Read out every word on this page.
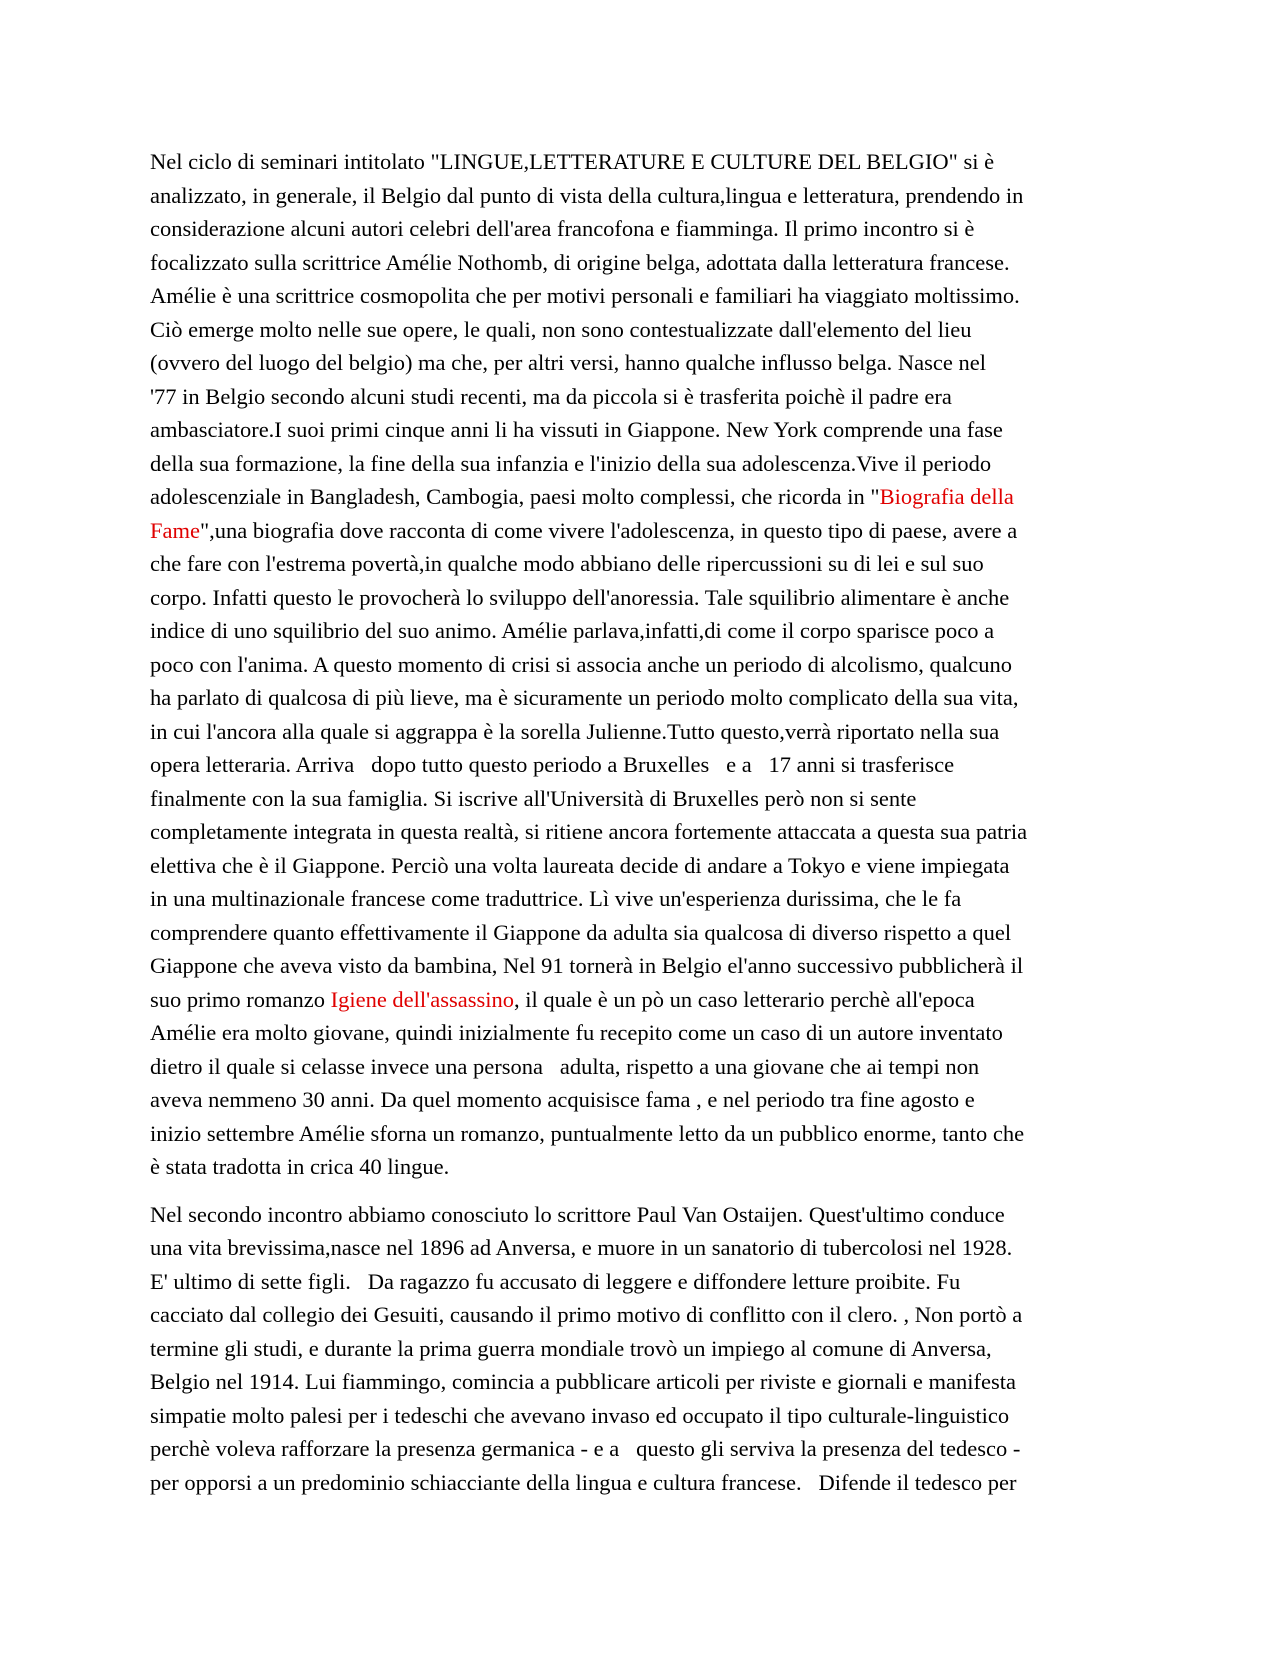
Nel ciclo di seminari intitolato "LINGUE,LETTERATURE E CULTURE DEL BELGIO" si è
analizzato, in generale, il Belgio dal punto di vista della cultura,lingua e letteratura, prendendo in
considerazione alcuni autori celebri dell'area francofona e fiamminga. Il primo incontro si è
focalizzato sulla scrittrice Amélie Nothomb, di origine belga, adottata dalla letteratura francese.
Amélie è una scrittrice cosmopolita che per motivi personali e familiari ha viaggiato moltissimo.
Ciò emerge molto nelle sue opere, le quali, non sono contestualizzate dall'elemento del lieu
(ovvero del luogo del belgio) ma che, per altri versi, hanno qualche influsso belga. Nasce nel
'77 in Belgio secondo alcuni studi recenti, ma da piccola si è trasferita poichè il padre era
ambasciatore.I suoi primi cinque anni li ha vissuti in Giappone. New York comprende una fase
della sua formazione, la fine della sua infanzia e l'inizio della sua adolescenza.Vive il periodo
adolescenziale in Bangladesh, Cambogia, paesi molto complessi, che ricorda in "Biografia della
Fame",una biografia dove racconta di come vivere l'adolescenza, in questo tipo di paese, avere a
che fare con l'estrema povertà,in qualche modo abbiano delle ripercussioni su di lei e sul suo
corpo. Infatti questo le provocherà lo sviluppo dell'anoressia. Tale squilibrio alimentare è anche
indice di uno squilibrio del suo animo. Amélie parlava,infatti,di come il corpo sparisce poco a
poco con l'anima. A questo momento di crisi si associa anche un periodo di alcolismo, qualcuno
ha parlato di qualcosa di più lieve, ma è sicuramente un periodo molto complicato della sua vita,
in cui l'ancora alla quale si aggrappa è la sorella Julienne.Tutto questo,verrà riportato nella sua
opera letteraria. Arriva   dopo tutto questo periodo a Bruxelles   e a   17 anni si trasferisce
finalmente con la sua famiglia. Si iscrive all'Università di Bruxelles però non si sente
completamente integrata in questa realtà, si ritiene ancora fortemente attaccata a questa sua patria
elettiva che è il Giappone. Perciò una volta laureata decide di andare a Tokyo e viene impiegata
in una multinazionale francese come traduttrice. Lì vive un'esperienza durissima, che le fa
comprendere quanto effettivamente il Giappone da adulta sia qualcosa di diverso rispetto a quel
Giappone che aveva visto da bambina, Nel 91 tornerà in Belgio el'anno successivo pubblicherà il
suo primo romanzo Igiene dell'assassino, il quale è un pò un caso letterario perchè all'epoca
Amélie era molto giovane, quindi inizialmente fu recepito come un caso di un autore inventato
dietro il quale si celasse invece una persona   adulta, rispetto a una giovane che ai tempi non
aveva nemmeno 30 anni. Da quel momento acquisisce fama , e nel periodo tra fine agosto e
inizio settembre Amélie sforna un romanzo, puntualmente letto da un pubblico enorme, tanto che
è stata tradotta in crica 40 lingue.

Nel secondo incontro abbiamo conosciuto lo scrittore Paul Van Ostaijen. Quest'ultimo conduce
una vita brevissima,nasce nel 1896 ad Anversa, e muore in un sanatorio di tubercolosi nel 1928.
E' ultimo di sette figli.   Da ragazzo fu accusato di leggere e diffondere letture proibite. Fu
cacciato dal collegio dei Gesuiti, causando il primo motivo di conflitto con il clero. , Non portò a
termine gli studi, e durante la prima guerra mondiale trovò un impiego al comune di Anversa,
Belgio nel 1914. Lui fiammingo, comincia a pubblicare articoli per riviste e giornali e manifesta
simpatie molto palesi per i tedeschi che avevano invaso ed occupato il tipo culturale-linguistico
perchè voleva rafforzare la presenza germanica - e a   questo gli serviva la presenza del tedesco -
per opporsi a un predominio schiacciante della lingua e cultura francese.   Difende il tedesco per
